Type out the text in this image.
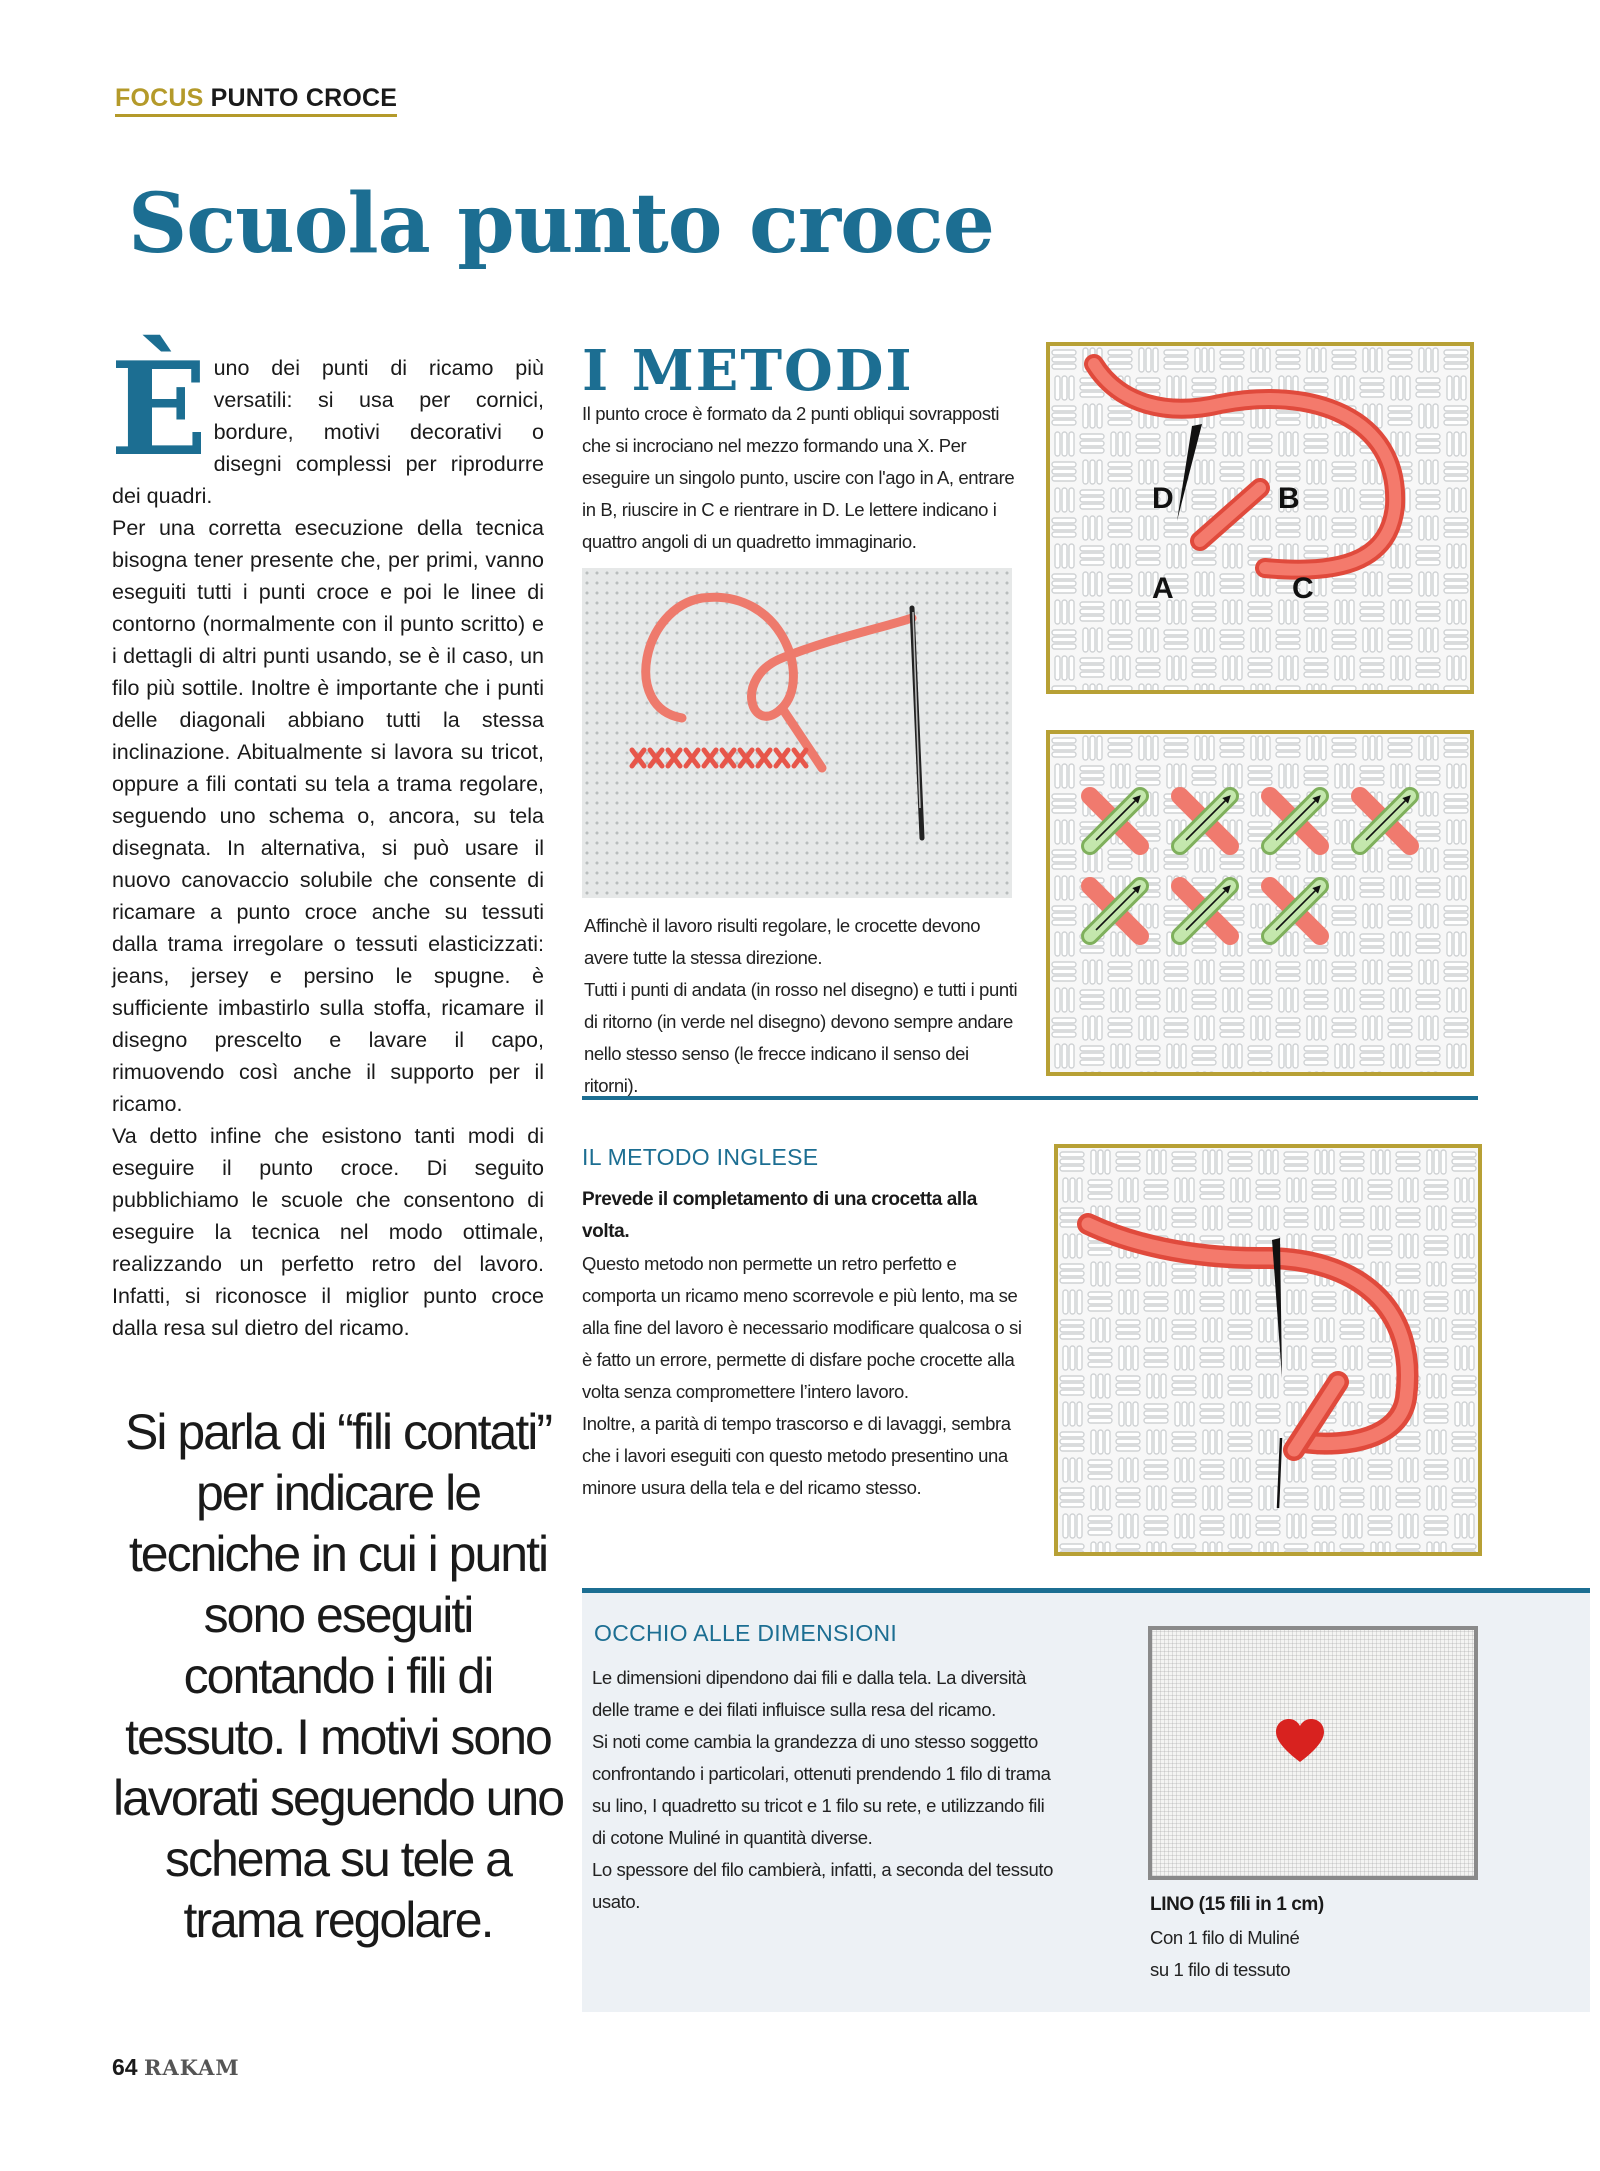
FOCUS PUNTO CROCE
Scuola punto croce

È uno dei punti di ricamo più versatili: si usa per cornici, bordure, motivi decorativi o disegni complessi per riprodurre dei quadri.

Per una corretta esecuzione della tecnica bisogna tener presente che, per primi, vanno eseguiti tutti i punti croce e poi le linee di contorno (normalmente con il punto scritto) e i dettagli di altri punti usando, se è il caso, un filo più sottile. Inoltre è importante che i punti delle diagonali abbiano tutti la stessa inclinazione. Abitualmente si lavora su tricot, oppure a fili contati su tela a trama regolare, seguendo uno schema o, ancora, su tela disegnata. In alternativa, si può usare il nuovo canovaccio solubile che consente di ricamare a punto croce anche su tessuti dalla trama irregolare o tessuti elasticizzati: jeans, jersey e persino le spugne. è sufficiente imbastirlo sulla stoffa, ricamare il disegno prescelto e lavare il capo, rimuovendo così anche il supporto per il ricamo.

Va detto infine che esistono tanti modi di eseguire il punto croce. Di seguito pubblichiamo le scuole che consentono di eseguire la tecnica nel modo ottimale, realizzando un perfetto retro del lavoro. Infatti, si riconosce il miglior punto croce dalla resa sul dietro del ricamo.

Si parla di “fili contati” per indicare le tecniche in cui i punti sono eseguiti contando i fili di tessuto. I motivi sono lavorati seguendo uno schema su tele a trama regolare.
I METODI
Il punto croce è formato da 2 punti obliqui sovrapposti che si incrociano nel mezzo formando una X. Per eseguire un singolo punto, uscire con l'ago in A, entrare in B, riuscire in C e rientrare in D. Le lettere indicano i quattro angoli di un quadretto immaginario.
Affinchè il lavoro risulti regolare, le crocette devono avere tutte la stessa direzione.
Tutti i punti di andata (in rosso nel disegno) e tutti i punti di ritorno (in verde nel disegno) devono sempre andare nello stesso senso (le frecce indicano il senso dei ritorni).
D	B
A	C
IL METODO INGLESE
Prevede il completamento di una crocetta alla volta.
Questo metodo non permette un retro perfetto e comporta un ricamo meno scorrevole e più lento, ma se alla fine del lavoro è necessario modificare qualcosa o si è fatto un errore, permette di disfare poche crocette alla volta senza compromettere l’intero lavoro.
Inoltre, a parità di tempo trascorso e di lavaggi, sembra che i lavori eseguiti con questo metodo presentino una minore usura della tela e del ricamo stesso.
OCCHIO ALLE DIMENSIONI
Le dimensioni dipendono dai fili e dalla tela. La diversità delle trame e dei filati influisce sulla resa del ricamo.
Si noti come cambia la grandezza di uno stesso soggetto confrontando i particolari, ottenuti prendendo 1 filo di trama su lino, I quadretto su tricot e 1 filo su rete, e utilizzando fili di cotone Muliné in quantità diverse.
Lo spessore del filo cambierà, infatti, a seconda del tessuto usato.	LINO (15 fili in 1 cm)
Con 1 filo di Muliné
su 1 filo di tessuto
64 RAKAM
